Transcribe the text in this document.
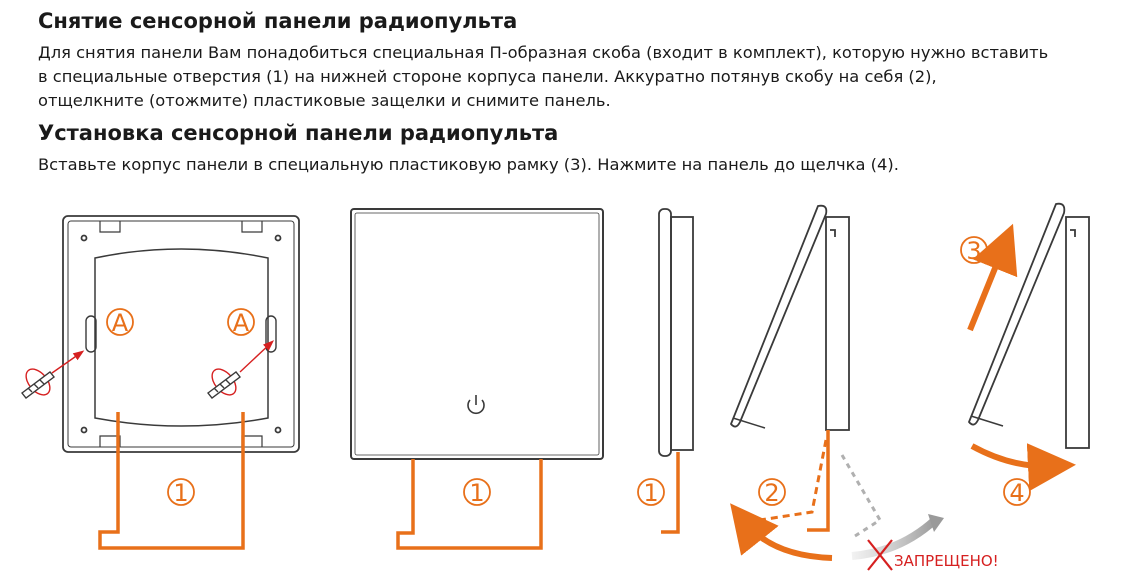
Снятие сенсорной панели радиопульта

Для снятия панели Вам понадобиться специальная П-образная скоба (входит в комплект), которую нужно вставить

в специальные отверстия (1) на нижней стороне корпуса панели. Аккуратно потянув скобу на себя (2),

отщелкните (отожмите) пластиковые защелки и снимите панель.

Установка сенсорной панели радиопульта

Вставьте корпус панели в специальную пластиковую рамку (3). Нажмите на панель до щелчка (4).

A	A
1	1	1	2
ЗАПРЕЩЕНО!
3
4
